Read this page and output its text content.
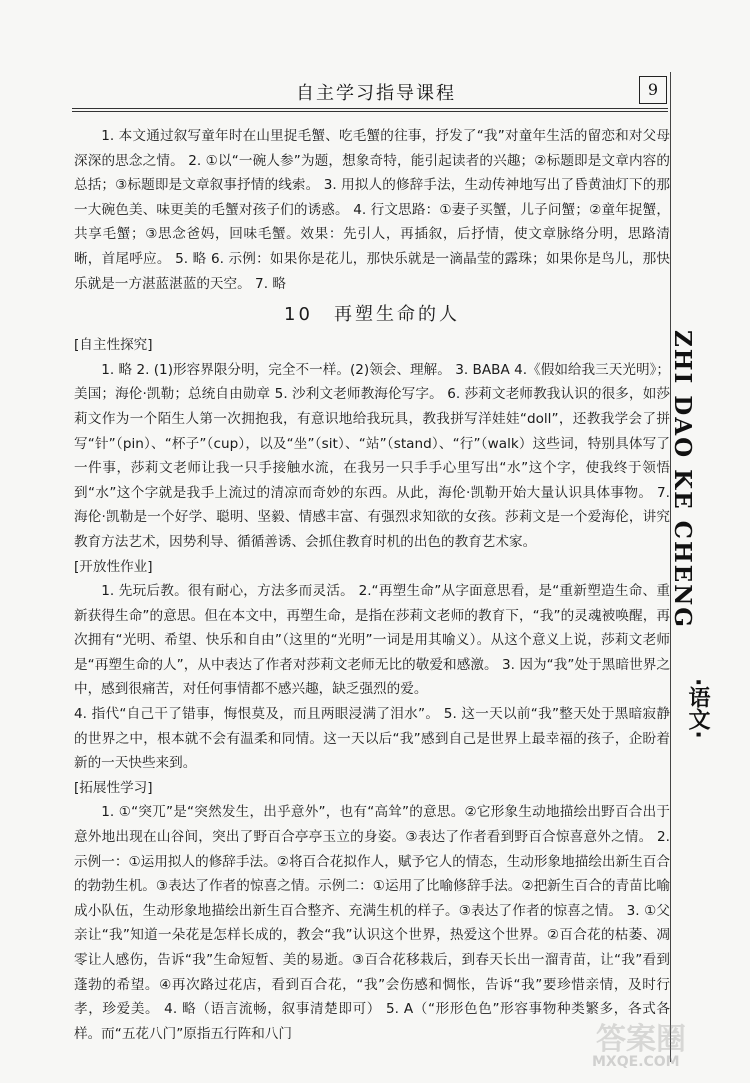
自主学习指导课程	9
ZHI DAO KE CHENG
·语文·

1. 本文通过叙写童年时在山里捉毛蟹、吃毛蟹的往事，抒发了“我”对童年生活的留恋和对父母深深的思念之情。 2. ①以“一碗人参”为题，想象奇特，能引起读者的兴趣；②标题即是文章内容的总括；③标题即是文章叙事抒情的线索。 3. 用拟人的修辞手法，生动传神地写出了昏黄油灯下的那一大碗色美、味更美的毛蟹对孩子们的诱惑。 4. 行文思路：①妻子买蟹，儿子问蟹；②童年捉蟹，共享毛蟹；③思念爸妈，回味毛蟹。效果：先引人，再插叙，后抒情，使文章脉络分明，思路清晰，首尾呼应。 5. 略 6. 示例：如果你是花儿，那快乐就是一滴晶莹的露珠；如果你是鸟儿，那快乐就是一方湛蓝湛蓝的天空。 7. 略

10　再塑生命的人
[自主性探究]

1. 略 2. (1)形容界限分明，完全不一样。(2)领会、理解。 3. BABA 4.《假如给我三天光明》；美国；海伦·凯勒；总统自由勋章 5. 沙利文老师教海伦写字。 6. 莎莉文老师教我认识的很多，如莎莉文作为一个陌生人第一次拥抱我，有意识地给我玩具，教我拼写洋娃娃“doll”，还教我学会了拼写“针”（pin）、“杯子”（cup），以及“坐”（sit）、“站”（stand）、“行”（walk）这些词，特别具体写了一件事，莎莉文老师让我一只手接触水流，在我另一只手手心里写出“水”这个字，使我终于领悟到“水”这个字就是我手上流过的清凉而奇妙的东西。从此，海伦·凯勒开始大量认识具体事物。 7. 海伦·凯勒是一个好学、聪明、坚毅、情感丰富、有强烈求知欲的女孩。莎莉文是一个爱海伦，讲究教育方法艺术，因势利导、循循善诱、会抓住教育时机的出色的教育艺术家。

[开放性作业]

1. 先玩后教。很有耐心，方法多而灵活。 2.“再塑生命”从字面意思看，是“重新塑造生命、重新获得生命”的意思。但在本文中，再塑生命，是指在莎莉文老师的教育下，“我”的灵魂被唤醒，再次拥有“光明、希望、快乐和自由”（这里的“光明”一词是用其喻义）。从这个意义上说，莎莉文老师是“再塑生命的人”，从中表达了作者对莎莉文老师无比的敬爱和感激。 3. 因为“我”处于黑暗世界之中，感到很痛苦，对任何事情都不感兴趣，缺乏强烈的爱。

4. 指代“自己干了错事，悔恨莫及，而且两眼浸满了泪水”。 5. 这一天以前“我”整天处于黑暗寂静的世界之中，根本就不会有温柔和同情。这一天以后“我”感到自己是世界上最幸福的孩子，企盼着新的一天快些来到。

[拓展性学习]

1. ①“突兀”是“突然发生，出乎意外”，也有“高耸”的意思。②它形象生动地描绘出野百合出于意外地出现在山谷间，突出了野百合亭亭玉立的身姿。③表达了作者看到野百合惊喜意外之情。 2. 示例一：①运用拟人的修辞手法。②将百合花拟作人，赋予它人的情态，生动形象地描绘出新生百合的勃勃生机。③表达了作者的惊喜之情。示例二：①运用了比喻修辞手法。②把新生百合的青苗比喻成小队伍，生动形象地描绘出新生百合整齐、充满生机的样子。③表达了作者的惊喜之情。 3. ①父亲让“我”知道一朵花是怎样长成的，教会“我”认识这个世界，热爱这个世界。②百合花的枯萎、凋零让人感伤，告诉“我”生命短暂、美的易逝。③百合花移栽后，到春天长出一溜青苗，让“我”看到蓬勃的希望。④再次路过花店，看到百合花，“我”会伤感和惆怅，告诉“我”要珍惜亲情，及时行孝，珍爱美。 4. 略（语言流畅，叙事清楚即可） 5. A（“形形色色”形容事物种类繁多，各式各样。而“五花八门”原指五行阵和八门	答案圈
MXQE.COM
